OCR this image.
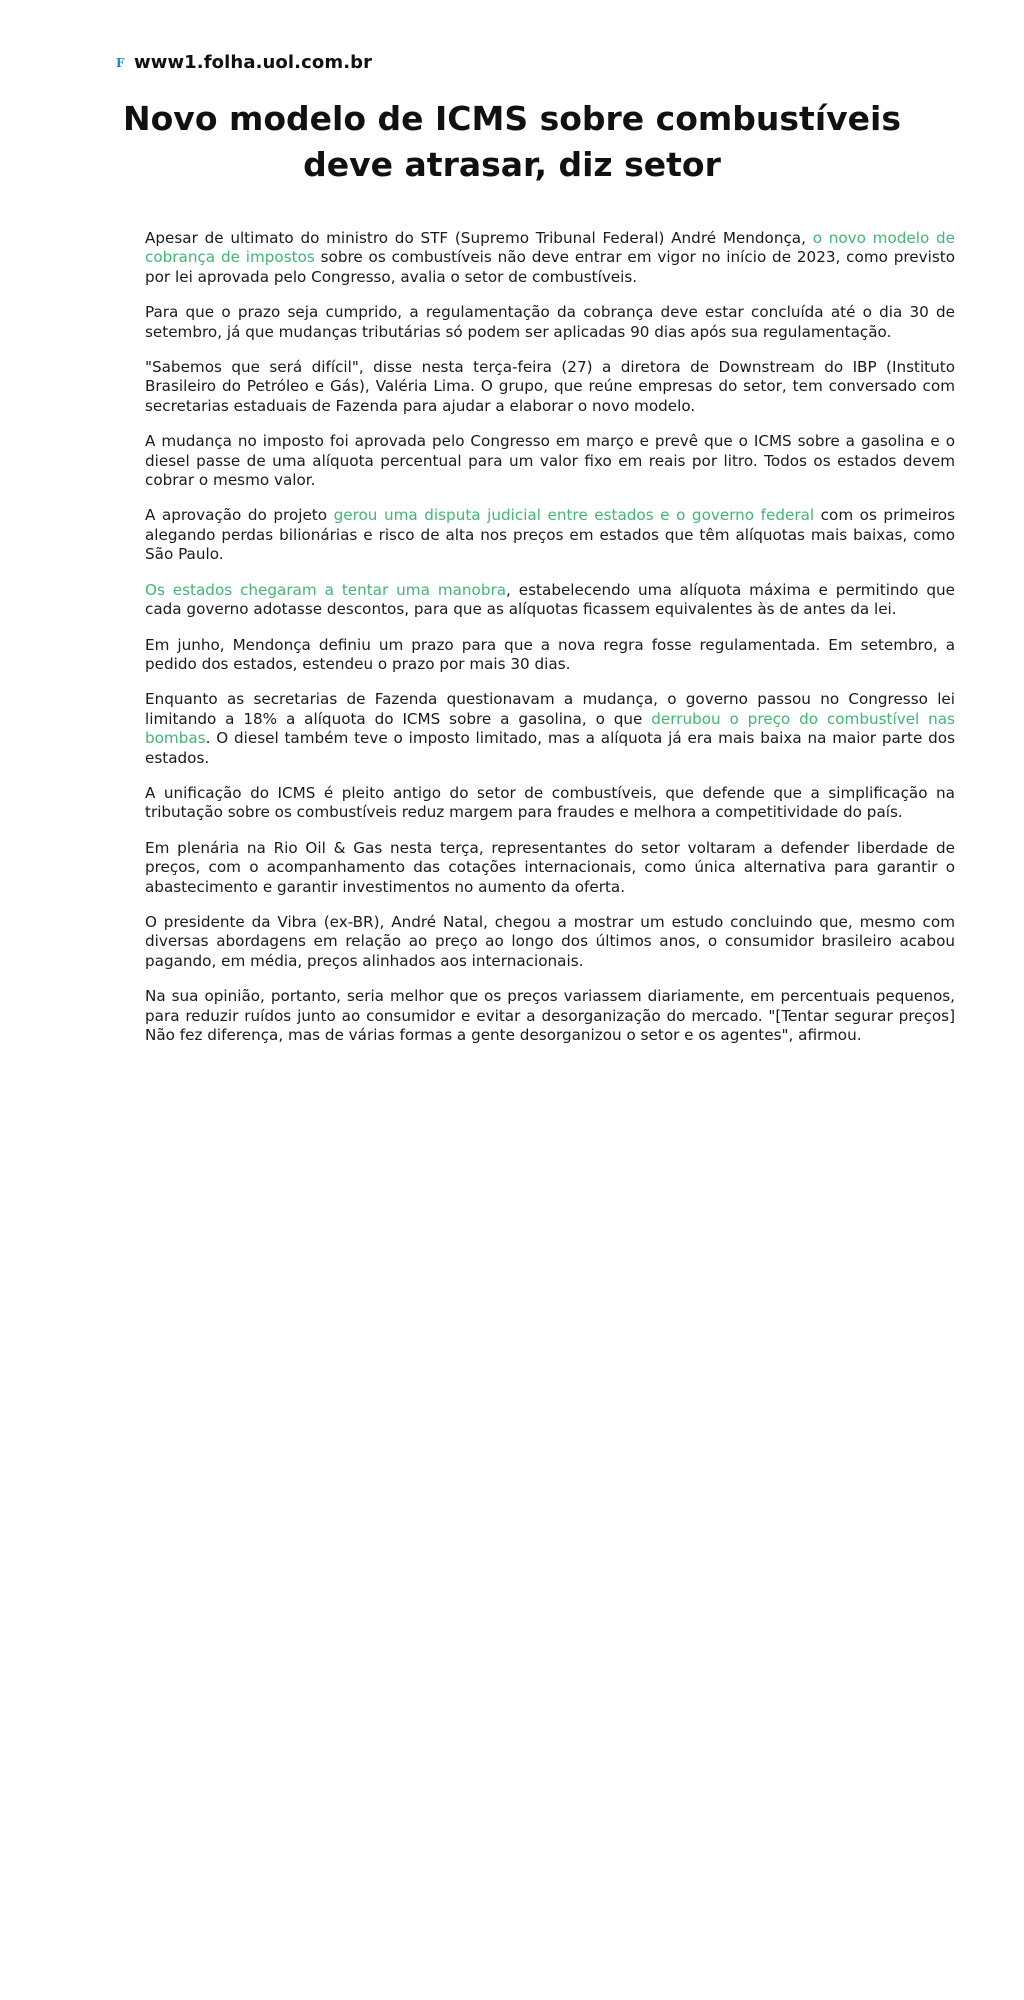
F www1.folha.uol.com.br
Novo modelo de ICMS sobre combustíveis deve atrasar, diz setor

Apesar de ultimato do ministro do STF (Supremo Tribunal Federal) André Mendonça, o novo modelo de cobrança de impostos sobre os combustíveis não deve entrar em vigor no início de 2023, como previsto por lei aprovada pelo Congresso, avalia o setor de combustíveis.

Para que o prazo seja cumprido, a regulamentação da cobrança deve estar concluída até o dia 30 de setembro, já que mudanças tributárias só podem ser aplicadas 90 dias após sua regulamentação.

"Sabemos que será difícil", disse nesta terça-feira (27) a diretora de Downstream do IBP (Instituto Brasileiro do Petróleo e Gás), Valéria Lima. O grupo, que reúne empresas do setor, tem conversado com secretarias estaduais de Fazenda para ajudar a elaborar o novo modelo.

A mudança no imposto foi aprovada pelo Congresso em março e prevê que o ICMS sobre a gasolina e o diesel passe de uma alíquota percentual para um valor fixo em reais por litro. Todos os estados devem cobrar o mesmo valor.

A aprovação do projeto gerou uma disputa judicial entre estados e o governo federal com os primeiros alegando perdas bilionárias e risco de alta nos preços em estados que têm alíquotas mais baixas, como São Paulo.

Os estados chegaram a tentar uma manobra, estabelecendo uma alíquota máxima e permitindo que cada governo adotasse descontos, para que as alíquotas ficassem equivalentes às de antes da lei.

Em junho, Mendonça definiu um prazo para que a nova regra fosse regulamentada. Em setembro, a pedido dos estados, estendeu o prazo por mais 30 dias.

Enquanto as secretarias de Fazenda questionavam a mudança, o governo passou no Congresso lei limitando a 18% a alíquota do ICMS sobre a gasolina, o que derrubou o preço do combustível nas bombas. O diesel também teve o imposto limitado, mas a alíquota já era mais baixa na maior parte dos estados.

A unificação do ICMS é pleito antigo do setor de combustíveis, que defende que a simplificação na tributação sobre os combustíveis reduz margem para fraudes e melhora a competitividade do país.

Em plenária na Rio Oil & Gas nesta terça, representantes do setor voltaram a defender liberdade de preços, com o acompanhamento das cotações internacionais, como única alternativa para garantir o abastecimento e garantir investimentos no aumento da oferta.

O presidente da Vibra (ex-BR), André Natal, chegou a mostrar um estudo concluindo que, mesmo com diversas abordagens em relação ao preço ao longo dos últimos anos, o consumidor brasileiro acabou pagando, em média, preços alinhados aos internacionais.

Na sua opinião, portanto, seria melhor que os preços variassem diariamente, em percentuais pequenos, para reduzir ruídos junto ao consumidor e evitar a desorganização do mercado. "[Tentar segurar preços] Não fez diferença, mas de várias formas a gente desorganizou o setor e os agentes", afirmou.
